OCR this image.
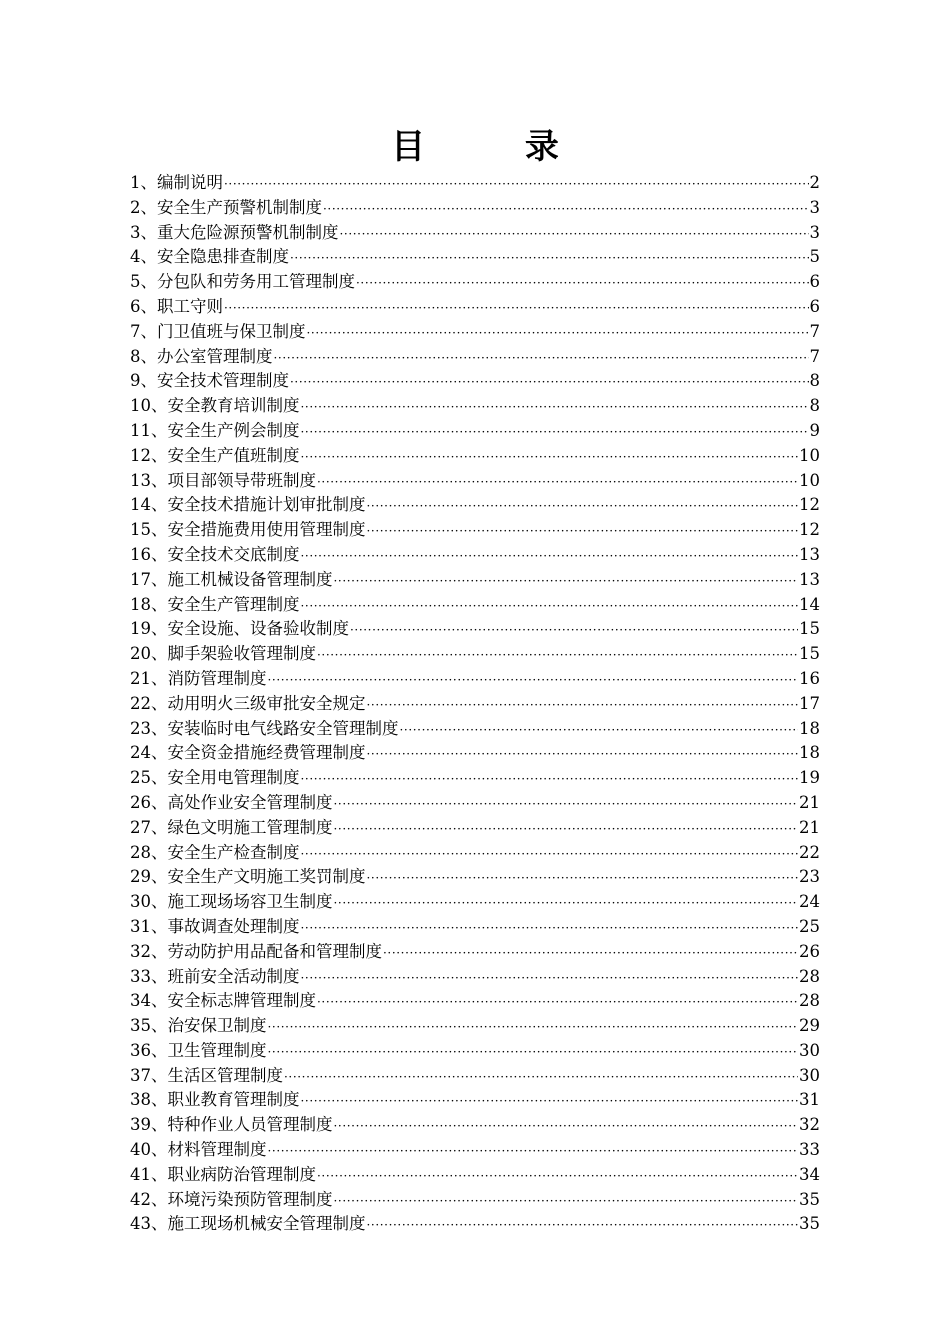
目 录
1、编制说明 ·····	2
2、安全生产预警机制制度 ·····	3
3、重大危险源预警机制制度 ·····	3
4、安全隐患排查制度 ·····	5
5、分包队和劳务用工管理制度 ·····	6
6、职工守则 ·····	6
7、门卫值班与保卫制度 ·····	7
8、办公室管理制度 ·····	7
9、安全技术管理制度 ·····	8
10、安全教育培训制度 ·····	8
11、安全生产例会制度 ·····	9
12、安全生产值班制度 ·····	10
13、项目部领导带班制度 ·····	10
14、安全技术措施计划审批制度 ·····	12
15、安全措施费用使用管理制度 ·····	12
16、安全技术交底制度 ·····	13
17、施工机械设备管理制度 ·····	13
18、安全生产管理制度 ·····	14
19、安全设施、设备验收制度 ·····	15
20、脚手架验收管理制度 ·····	15
21、消防管理制度 ·····	16
22、动用明火三级审批安全规定 ·····	17
23、安装临时电气线路安全管理制度 ·····	18
24、安全资金措施经费管理制度 ·····	18
25、安全用电管理制度 ·····	19
26、高处作业安全管理制度 ·····	21
27、绿色文明施工管理制度 ·····	21
28、安全生产检查制度 ·····	22
29、安全生产文明施工奖罚制度 ·····	23
30、施工现场场容卫生制度 ·····	24
31、事故调查处理制度 ·····	25
32、劳动防护用品配备和管理制度 ·····	26
33、班前安全活动制度 ·····	28
34、安全标志牌管理制度 ·····	28
35、治安保卫制度 ·····	29
36、卫生管理制度 ·····	30
37、生活区管理制度 ·····	30
38、职业教育管理制度 ·····	31
39、特种作业人员管理制度 ·····	32
40、材料管理制度 ·····	33
41、职业病防治管理制度 ·····	34
42、环境污染预防管理制度 ·····	35
43、施工现场机械安全管理制度 ·····	35
